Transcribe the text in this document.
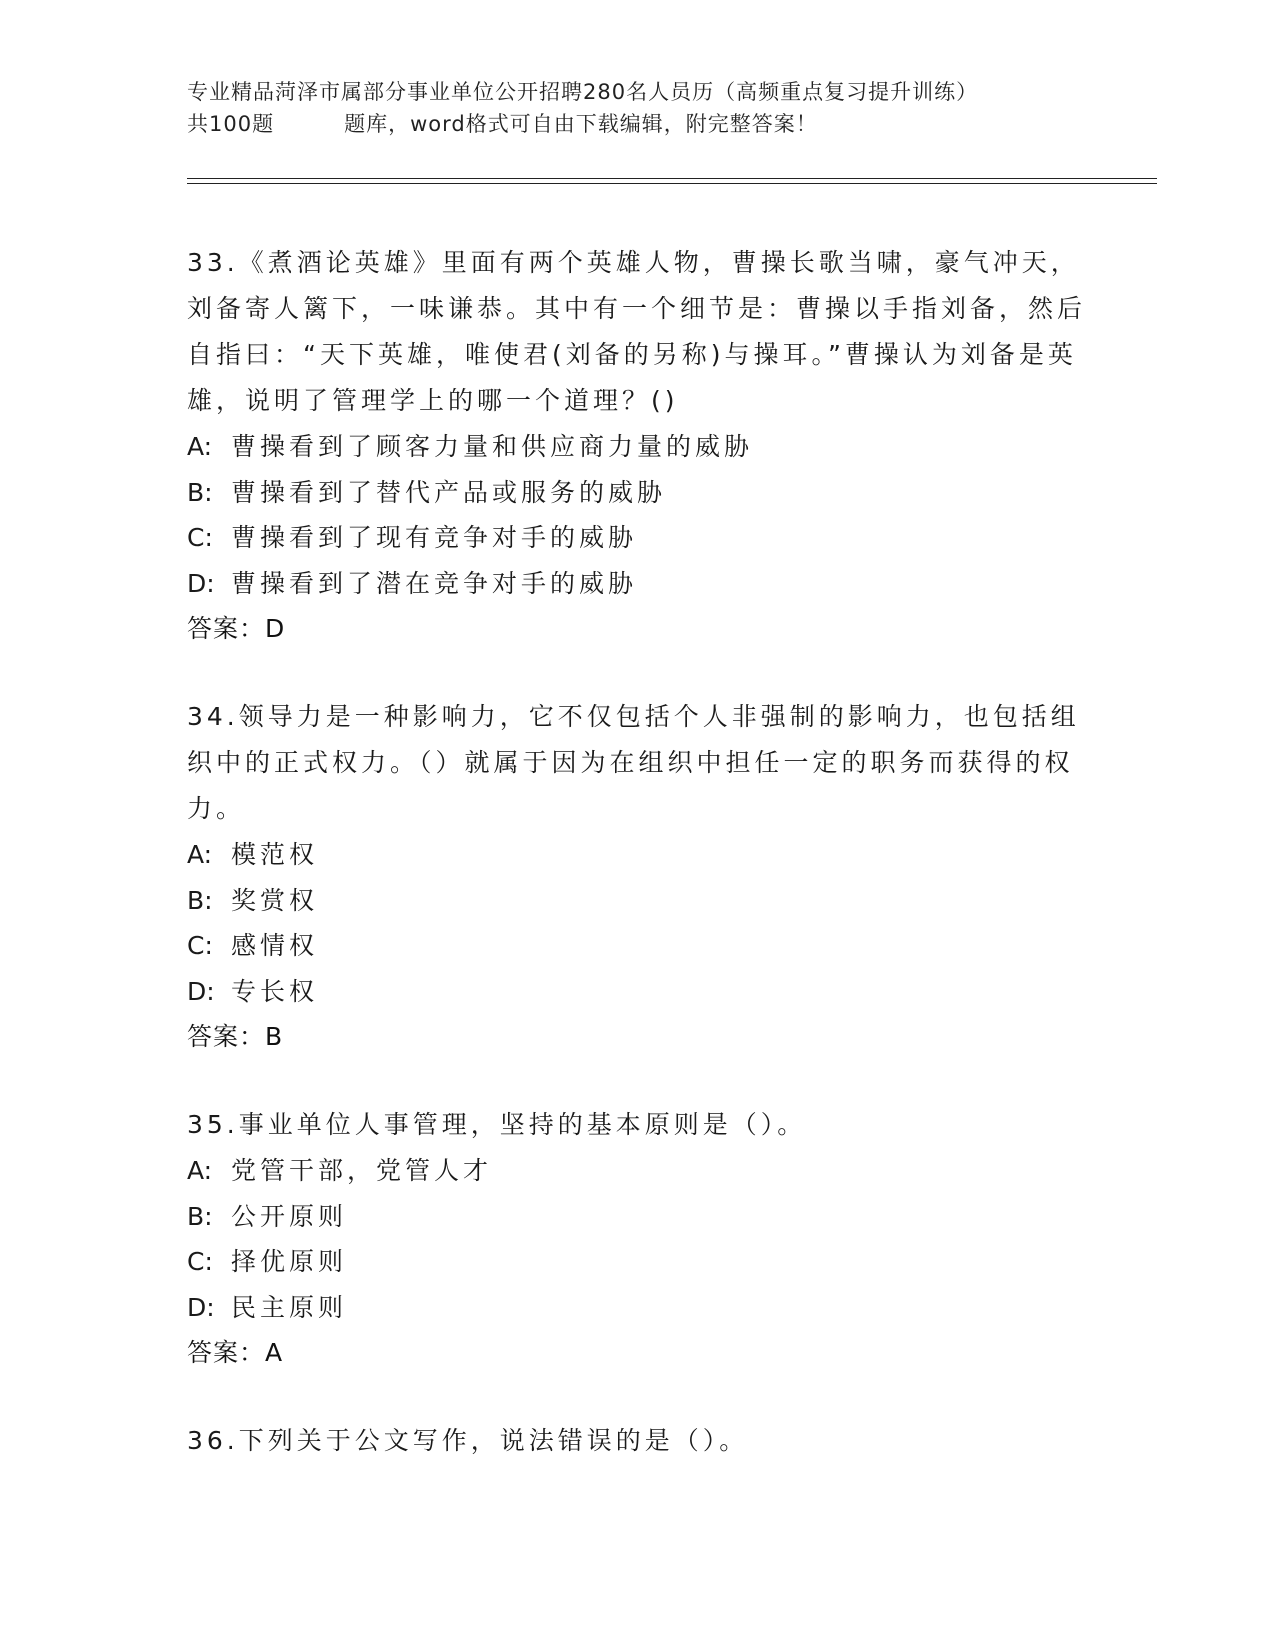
专业精品菏泽市属部分事业单位公开招聘280名人员历（高频重点复习提升训练）
共100题	题库，word格式可自由下载编辑，附完整答案！

33.《煮酒论英雄》里面有两个英雄人物，曹操长歌当啸，豪气冲天，刘备寄人篱下，一味谦恭。其中有一个细节是：曹操以手指刘备，然后自指曰：“天下英雄，唯使君(刘备的另称)与操耳。”曹操认为刘备是英雄，说明了管理学上的哪一个道理？()

A: 曹操看到了顾客力量和供应商力量的威胁

B: 曹操看到了替代产品或服务的威胁

C: 曹操看到了现有竞争对手的威胁

D: 曹操看到了潜在竞争对手的威胁

答案：D

34.领导力是一种影响力，它不仅包括个人非强制的影响力，也包括组织中的正式权力。（）就属于因为在组织中担任一定的职务而获得的权力。

A: 模范权

B: 奖赏权

C: 感情权

D: 专长权

答案：B

35.事业单位人事管理，坚持的基本原则是（）。

A: 党管干部，党管人才

B: 公开原则

C: 择优原则

D: 民主原则

答案：A

36.下列关于公文写作，说法错误的是（）。
